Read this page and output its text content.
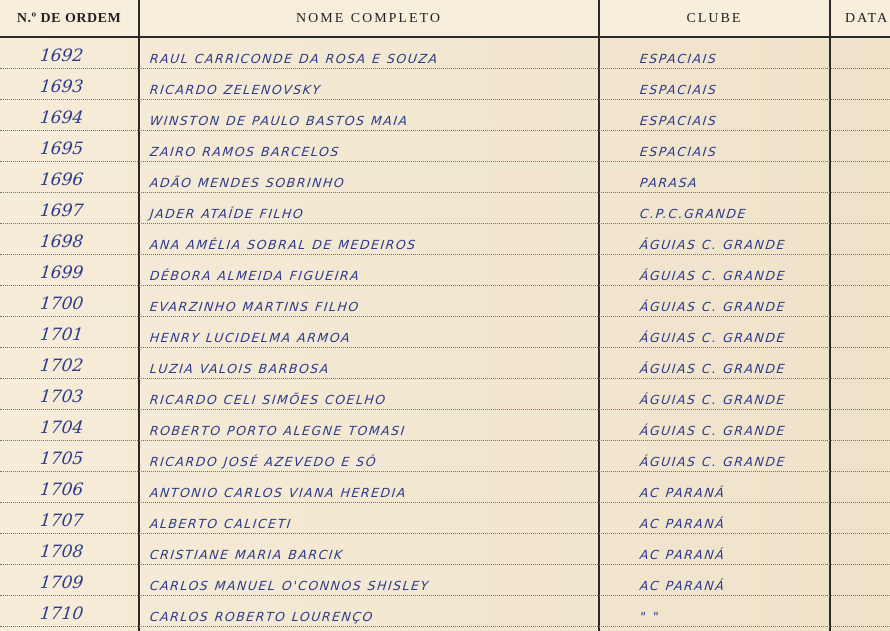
N.º DE ORDEM	NOME COMPLETO	CLUBE	DATA
1692	RAUL CARRICONDE DA ROSA E SOUZA	ESPACIAIS
1693	RICARDO ZELENOVSKY	ESPACIAIS
1694	WINSTON DE PAULO BASTOS MAIA	ESPACIAIS
1695	ZAIRO RAMOS BARCELOS	ESPACIAIS
1696	ADÃO MENDES SOBRINHO	PARASA
1697	JADER ATAÍDE FILHO	C.P.C.GRANDE
1698	ANA AMÉLIA SOBRAL DE MEDEIROS	ÁGUIAS C. GRANDE
1699	DÉBORA ALMEIDA FIGUEIRA	ÁGUIAS C. GRANDE
1700	EVARZINHO MARTINS FILHO	ÁGUIAS C. GRANDE
1701	HENRY LUCIDELMA ARMOA	ÁGUIAS C. GRANDE
1702	LUZIA VALOIS BARBOSA	ÁGUIAS C. GRANDE
1703	RICARDO CELI SIMÕES COELHO	ÁGUIAS C. GRANDE
1704	ROBERTO PORTO ALEGNE TOMASI	ÁGUIAS C. GRANDE
1705	RICARDO JOSÉ AZEVEDO E SÓ	ÁGUIAS C. GRANDE
1706	ANTONIO CARLOS VIANA HEREDIA	AC PARANÁ
1707	ALBERTO CALICETI	AC PARANÁ
1708	CRISTIANE MARIA BARCIK	AC PARANÁ
1709	CARLOS MANUEL O'CONNOS SHISLEY	AC PARANÁ
1710	CARLOS ROBERTO LOURENÇO	" "
